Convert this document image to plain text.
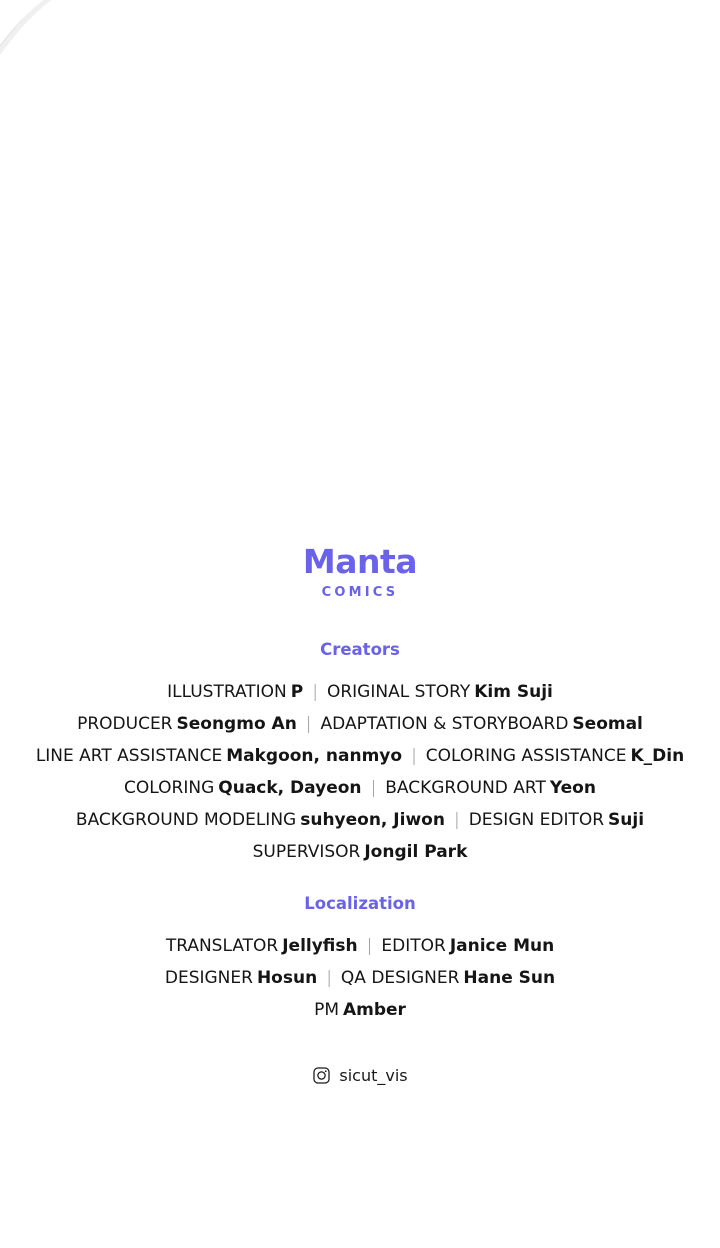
Manta
COMICS
Creators
ILLUSTRATION P | ORIGINAL STORY Kim Suji
PRODUCER Seongmo An | ADAPTATION & STORYBOARD Seomal
LINE ART ASSISTANCE Makgoon, nanmyo | COLORING ASSISTANCE K_Din
COLORING Quack, Dayeon | BACKGROUND ART Yeon
BACKGROUND MODELING suhyeon, Jiwon | DESIGN EDITOR Suji
SUPERVISOR Jongil Park
Localization
TRANSLATOR Jellyfish | EDITOR Janice Mun
DESIGNER Hosun | QA DESIGNER Hane Sun
PM Amber
sicut_vis
